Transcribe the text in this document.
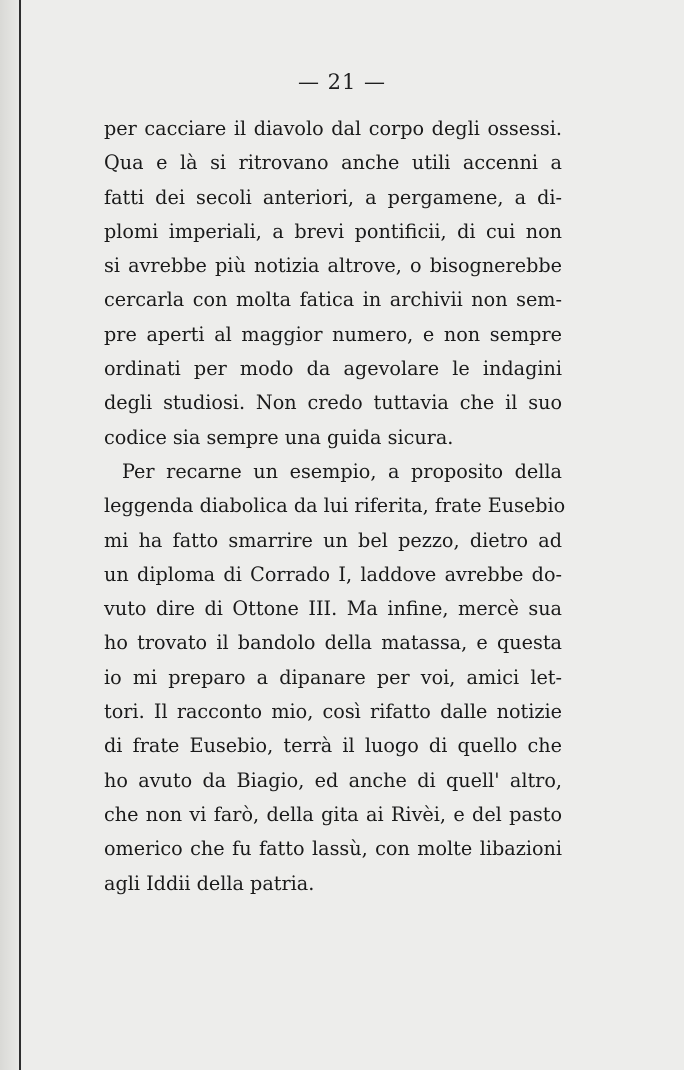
— 21 —
per cacciare il diavolo dal corpo degli ossessi.
Qua e là si ritrovano anche utili accenni a
fatti dei secoli anteriori, a pergamene, a di-
plomi imperiali, a brevi pontificii, di cui non
si avrebbe più notizia altrove, o bisognerebbe
cercarla con molta fatica in archivii non sem-
pre aperti al maggior numero, e non sempre
ordinati per modo da agevolare le indagini
degli studiosi. Non credo tuttavia che il suo
codice sia sempre una guida sicura.
Per recarne un esempio, a proposito della
leggenda diabolica da lui riferita, frate Eusebio
mi ha fatto smarrire un bel pezzo, dietro ad
un diploma di Corrado I, laddove avrebbe do-
vuto dire di Ottone III. Ma infine, mercè sua
ho trovato il bandolo della matassa, e questa
io mi preparo a dipanare per voi, amici let-
tori. Il racconto mio, così rifatto dalle notizie
di frate Eusebio, terrà il luogo di quello che
ho avuto da Biagio, ed anche di quell' altro,
che non vi farò, della gita ai Rivèi, e del pasto
omerico che fu fatto lassù, con molte libazioni
agli Iddii della patria.
